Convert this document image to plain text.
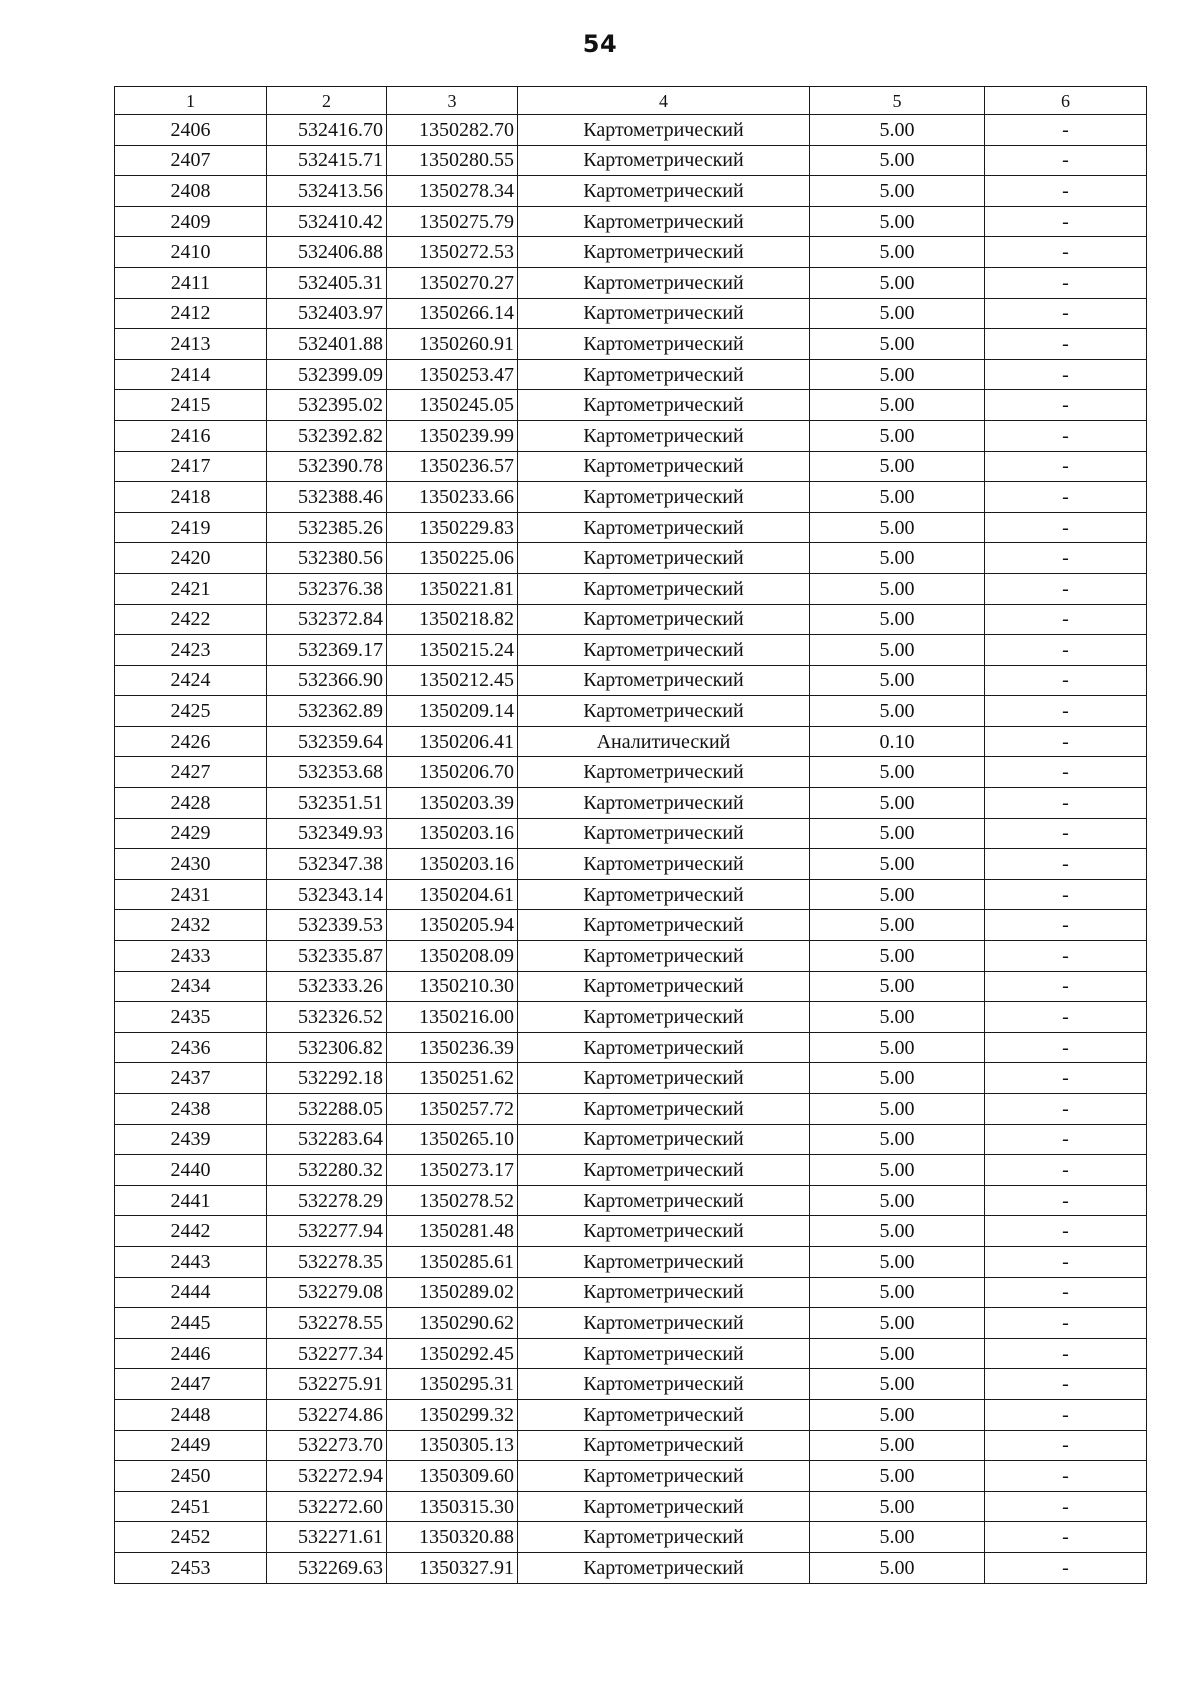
54
1	2	3	4	5	6
2406	532416.70	1350282.70	Картометрический	5.00	-
2407	532415.71	1350280.55	Картометрический	5.00	-
2408	532413.56	1350278.34	Картометрический	5.00	-
2409	532410.42	1350275.79	Картометрический	5.00	-
2410	532406.88	1350272.53	Картометрический	5.00	-
2411	532405.31	1350270.27	Картометрический	5.00	-
2412	532403.97	1350266.14	Картометрический	5.00	-
2413	532401.88	1350260.91	Картометрический	5.00	-
2414	532399.09	1350253.47	Картометрический	5.00	-
2415	532395.02	1350245.05	Картометрический	5.00	-
2416	532392.82	1350239.99	Картометрический	5.00	-
2417	532390.78	1350236.57	Картометрический	5.00	-
2418	532388.46	1350233.66	Картометрический	5.00	-
2419	532385.26	1350229.83	Картометрический	5.00	-
2420	532380.56	1350225.06	Картометрический	5.00	-
2421	532376.38	1350221.81	Картометрический	5.00	-
2422	532372.84	1350218.82	Картометрический	5.00	-
2423	532369.17	1350215.24	Картометрический	5.00	-
2424	532366.90	1350212.45	Картометрический	5.00	-
2425	532362.89	1350209.14	Картометрический	5.00	-
2426	532359.64	1350206.41	Аналитический	0.10	-
2427	532353.68	1350206.70	Картометрический	5.00	-
2428	532351.51	1350203.39	Картометрический	5.00	-
2429	532349.93	1350203.16	Картометрический	5.00	-
2430	532347.38	1350203.16	Картометрический	5.00	-
2431	532343.14	1350204.61	Картометрический	5.00	-
2432	532339.53	1350205.94	Картометрический	5.00	-
2433	532335.87	1350208.09	Картометрический	5.00	-
2434	532333.26	1350210.30	Картометрический	5.00	-
2435	532326.52	1350216.00	Картометрический	5.00	-
2436	532306.82	1350236.39	Картометрический	5.00	-
2437	532292.18	1350251.62	Картометрический	5.00	-
2438	532288.05	1350257.72	Картометрический	5.00	-
2439	532283.64	1350265.10	Картометрический	5.00	-
2440	532280.32	1350273.17	Картометрический	5.00	-
2441	532278.29	1350278.52	Картометрический	5.00	-
2442	532277.94	1350281.48	Картометрический	5.00	-
2443	532278.35	1350285.61	Картометрический	5.00	-
2444	532279.08	1350289.02	Картометрический	5.00	-
2445	532278.55	1350290.62	Картометрический	5.00	-
2446	532277.34	1350292.45	Картометрический	5.00	-
2447	532275.91	1350295.31	Картометрический	5.00	-
2448	532274.86	1350299.32	Картометрический	5.00	-
2449	532273.70	1350305.13	Картометрический	5.00	-
2450	532272.94	1350309.60	Картометрический	5.00	-
2451	532272.60	1350315.30	Картометрический	5.00	-
2452	532271.61	1350320.88	Картометрический	5.00	-
2453	532269.63	1350327.91	Картометрический	5.00	-
